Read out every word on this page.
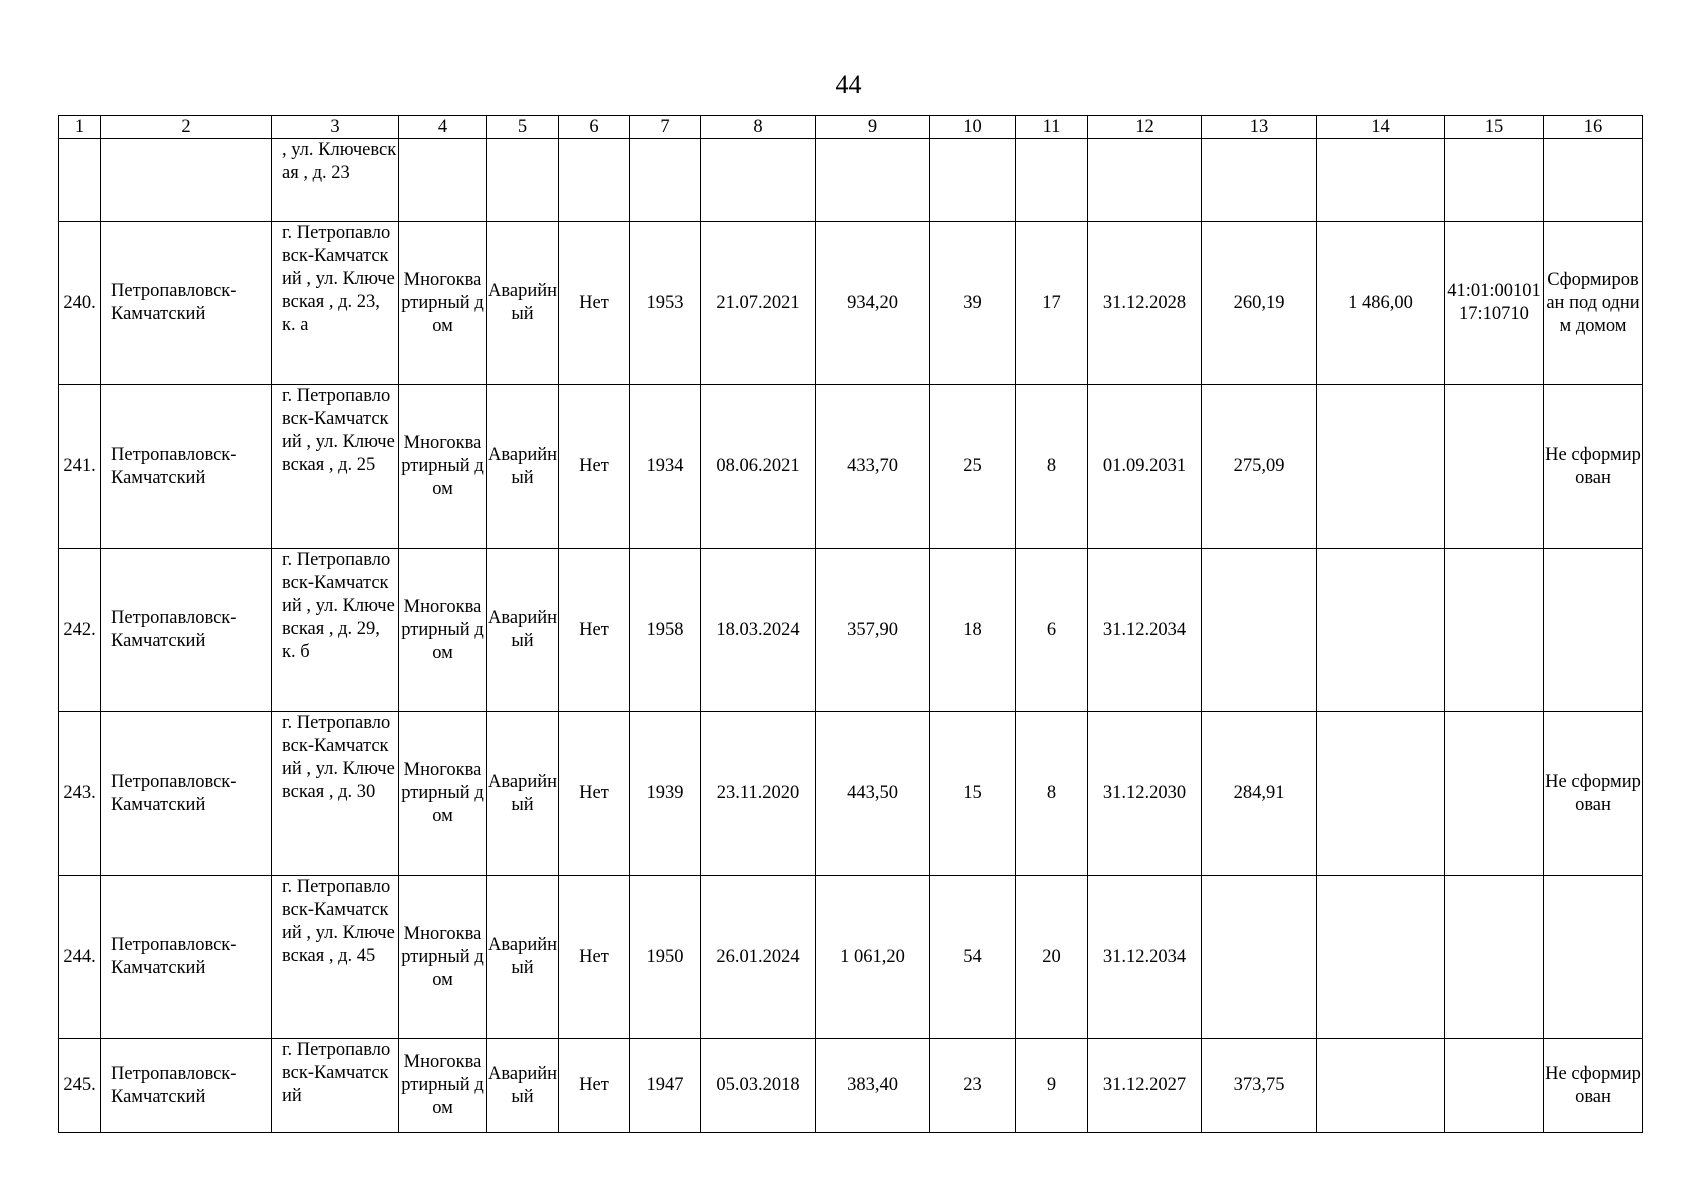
44
1	2	3	4	5	6	7	8	9	10	11	12	13	14	15	16
		, ул. Ключевская , д. 23													
240.	Петропавловск-Камчатский	г. Петропавловск-Камчатский , ул. Ключевская , д. 23, к. а	Многоквартирный дом	Аварийный	Нет	1953	21.07.2021	934,20	39	17	31.12.2028	260,19	1 486,00	41:01:0010117:10710	Сформирован под одним домом
241.	Петропавловск-Камчатский	г. Петропавловск-Камчатский , ул. Ключевская , д. 25	Многоквартирный дом	Аварийный	Нет	1934	08.06.2021	433,70	25	8	01.09.2031	275,09			Не сформирован
242.	Петропавловск-Камчатский	г. Петропавловск-Камчатский , ул. Ключевская , д. 29, к. б	Многоквартирный дом	Аварийный	Нет	1958	18.03.2024	357,90	18	6	31.12.2034				
243.	Петропавловск-Камчатский	г. Петропавловск-Камчатский , ул. Ключевская , д. 30	Многоквартирный дом	Аварийный	Нет	1939	23.11.2020	443,50	15	8	31.12.2030	284,91			Не сформирован
244.	Петропавловск-Камчатский	г. Петропавловск-Камчатский , ул. Ключевская , д. 45	Многоквартирный дом	Аварийный	Нет	1950	26.01.2024	1 061,20	54	20	31.12.2034				
245.	Петропавловск-Камчатский	г. Петропавловск-Камчатский	Многоквартирный дом	Аварийный	Нет	1947	05.03.2018	383,40	23	9	31.12.2027	373,75			Не сформирован
